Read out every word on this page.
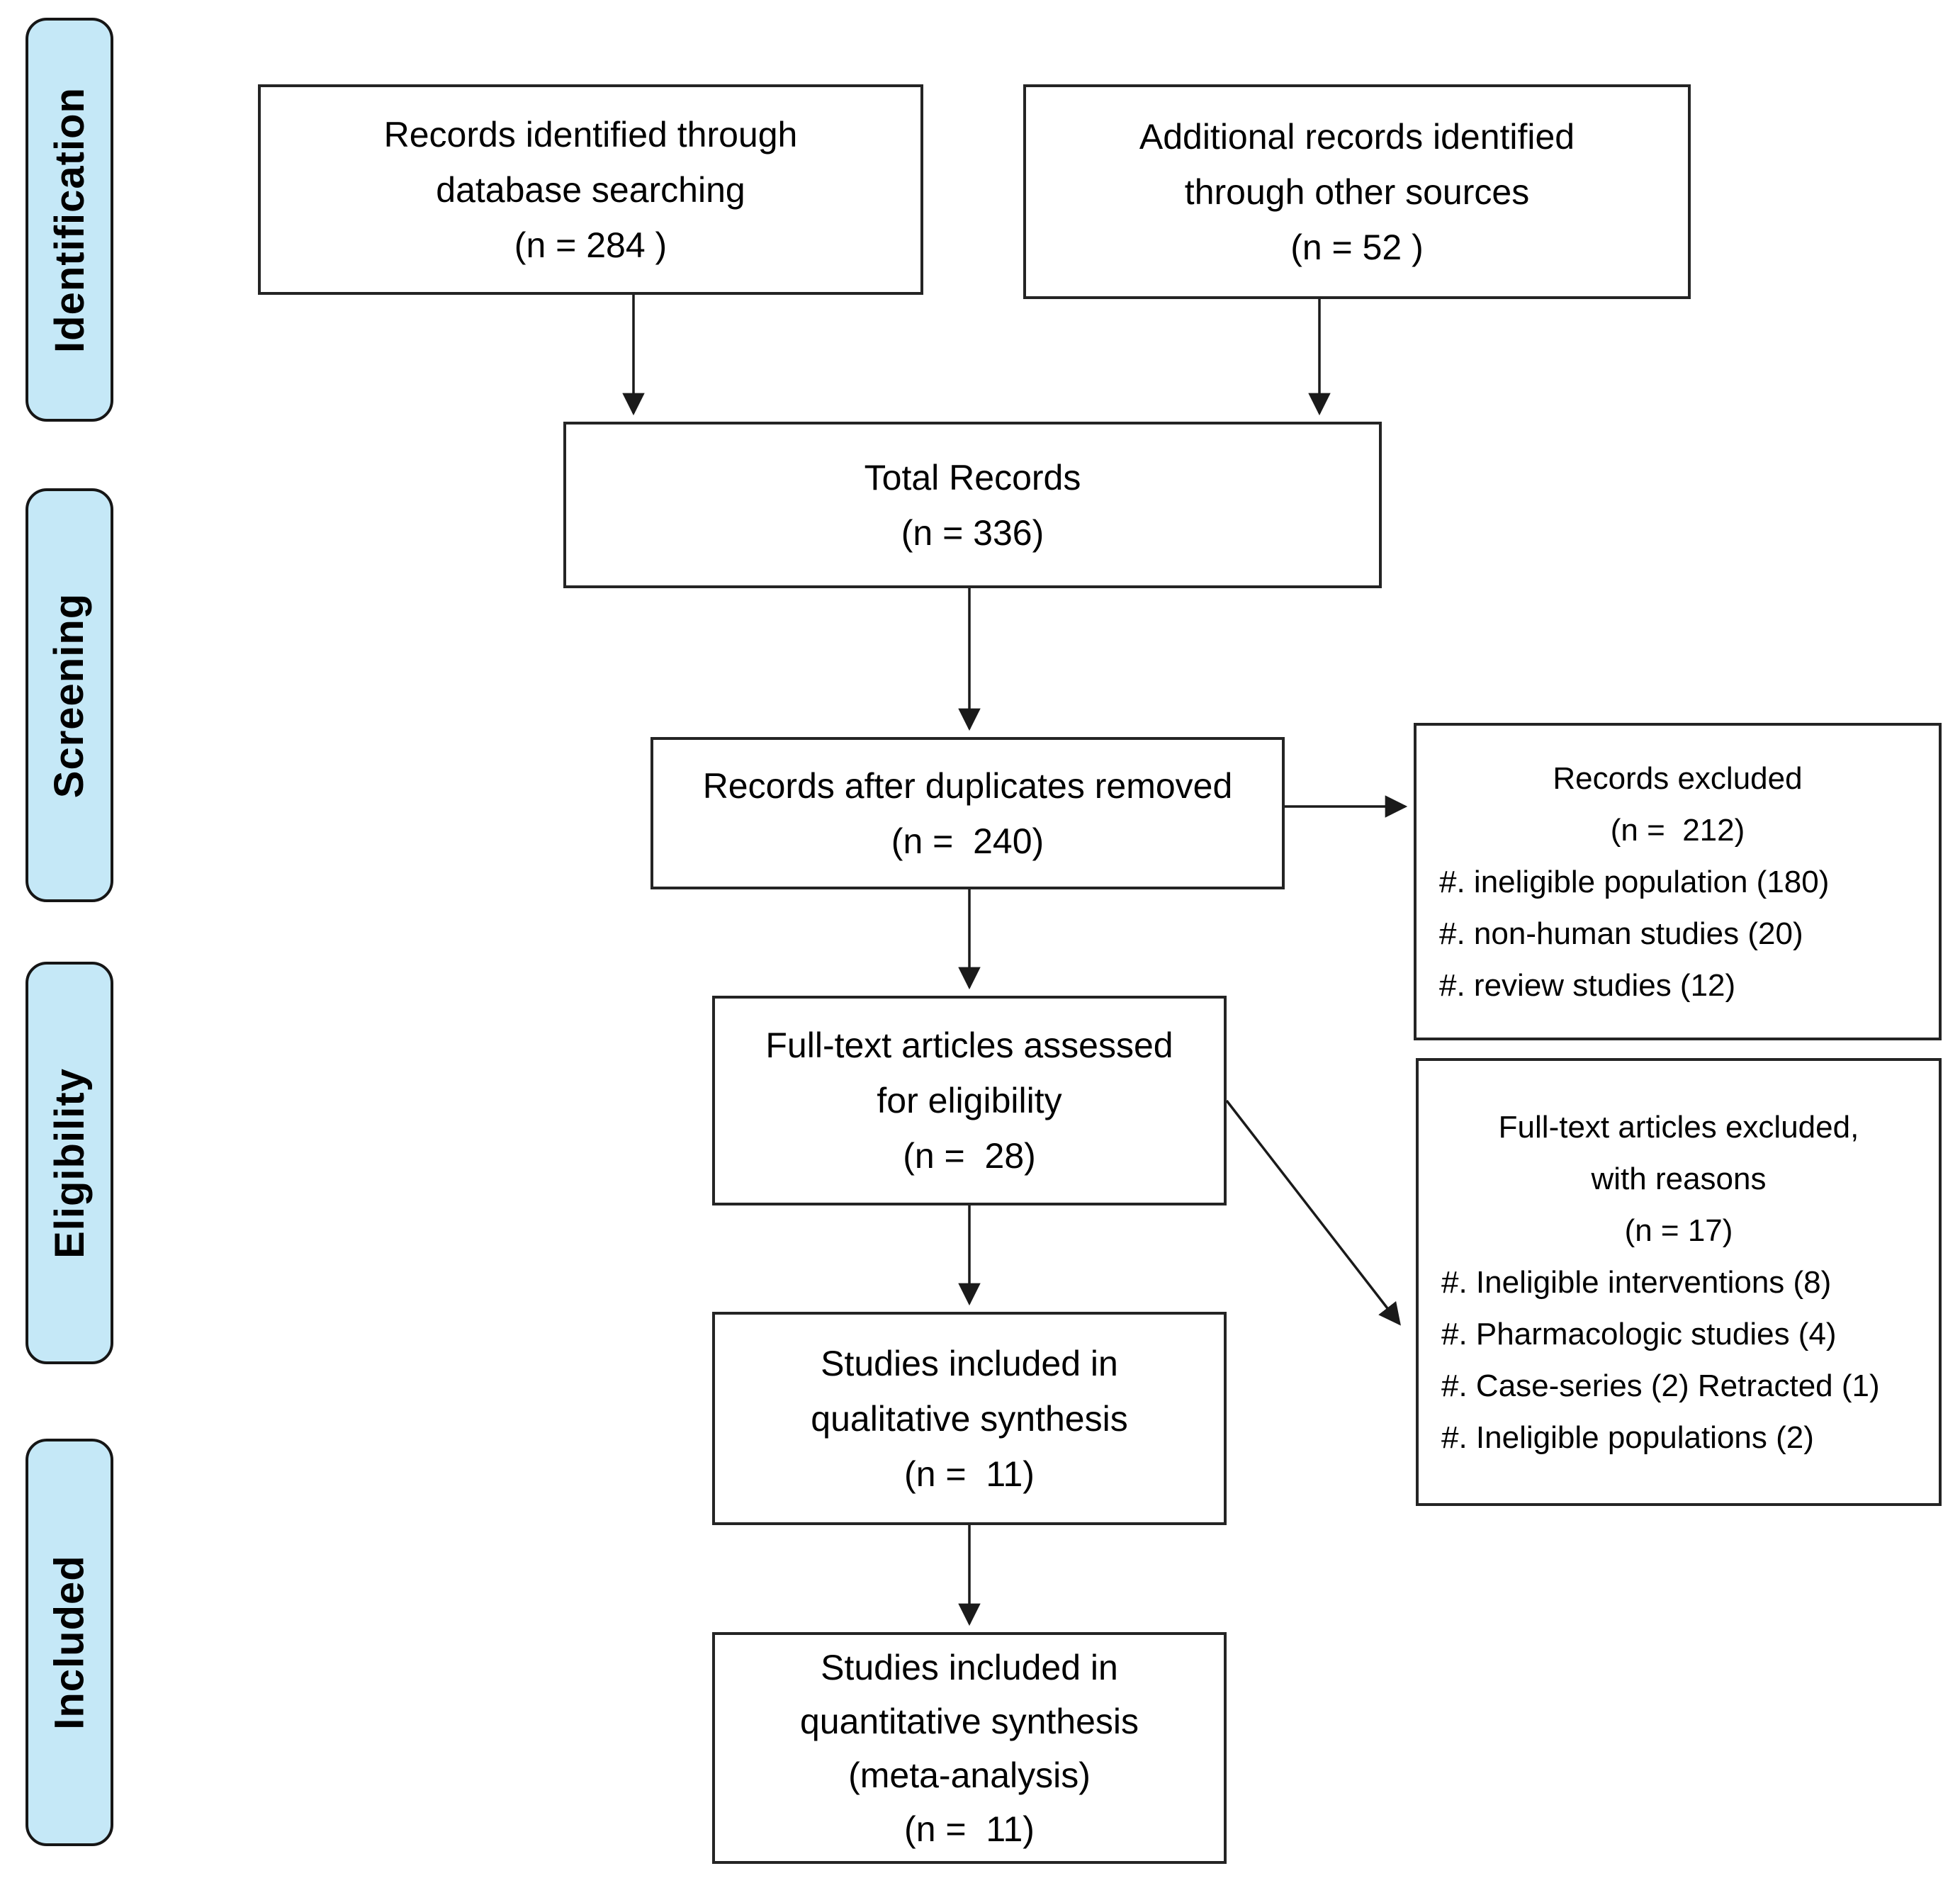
Identification
Screening
Eligibility
Included
Records identified through
database searching
(n = 284 )
Additional records identified
through other sources
(n = 52 )
Total Records
(n = 336)
Records after duplicates removed
(n =  240)
Records excluded
(n =  212)
#. ineligible population (180)
#. non-human studies (20)
#. review studies (12)
Full-text articles assessed
for eligibility
(n =  28)
Full-text articles excluded,
with reasons
(n = 17)
#. Ineligible interventions (8)
#. Pharmacologic studies (4)
#. Case-series (2) Retracted (1)
#. Ineligible populations (2)
Studies included in
qualitative synthesis
(n =  11)
Studies included in
quantitative synthesis
(meta-analysis)
(n =  11)
